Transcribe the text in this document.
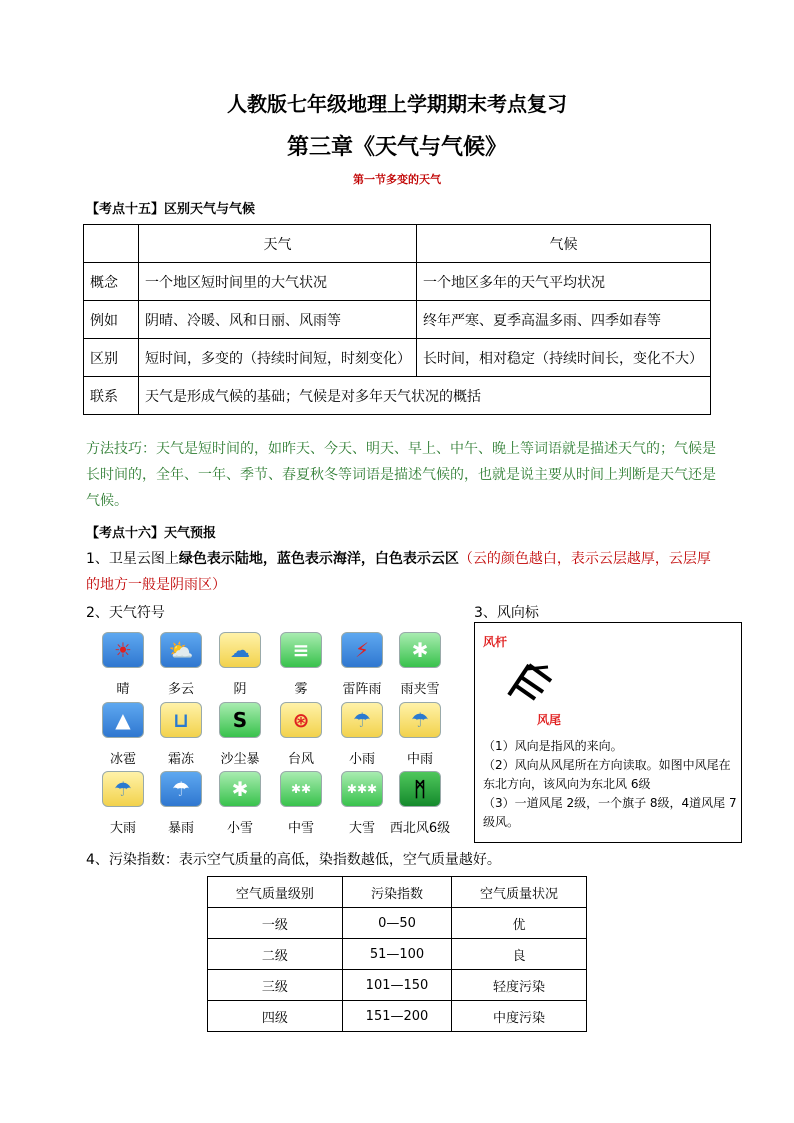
人教版七年级地理上学期期末考点复习
第三章《天气与气候》
第一节多变的天气
【考点十五】区别天气与气候
	天气	气候
概念	一个地区短时间里的大气状况	一个地区多年的天气平均状况
例如	阴晴、冷暖、风和日丽、风雨等	终年严寒、夏季高温多雨、四季如春等
区别	短时间，多变的（持续时间短，时刻变化）	长时间，相对稳定（持续时间长，变化不大）
联系	天气是形成气候的基础；气候是对多年天气状况的概括	
方法技巧：天气是短时间的，如昨天、今天、明天、早上、中午、晚上等词语就是描述天气的；气候是长时间的，全年、一年、季节、春夏秋冬等词语是描述气候的，也就是说主要从时间上判断是天气还是气候。
【考点十六】天气预报
1、卫星云图上绿色表示陆地，蓝色表示海洋，白色表示云区（云的颜色越白，表示云层越厚，云层厚的地方一般是阴雨区）
2、天气符号	3、风向标
☀
晴
⛅
多云
☁
阴
≡
雾
⚡
雷阵雨
✱
雨夹雪
▲
冰雹
⊔
霜冻
S
沙尘暴
⊛
台风
☂
小雨
☂
中雨
☂
大雨
☂
暴雨
✱
小雪
✱✱
中雪
✱✱✱
大雪
ᛗ
西北风6级
风杆
风尾
（1）风向是指风的来向。
（2）风向从风尾所在方向读取。如图中风尾在东北方向，该风向为东北风 6级
（3）一道风尾 2级，一个旗子 8级，4道风尾 7级风。
4、污染指数：表示空气质量的高低，染指数越低，空气质量越好。
空气质量级别	污染指数	空气质量状况
一级	0—50	优
二级	51—100	良
三级	101—150	轻度污染
四级	151—200	中度污染
